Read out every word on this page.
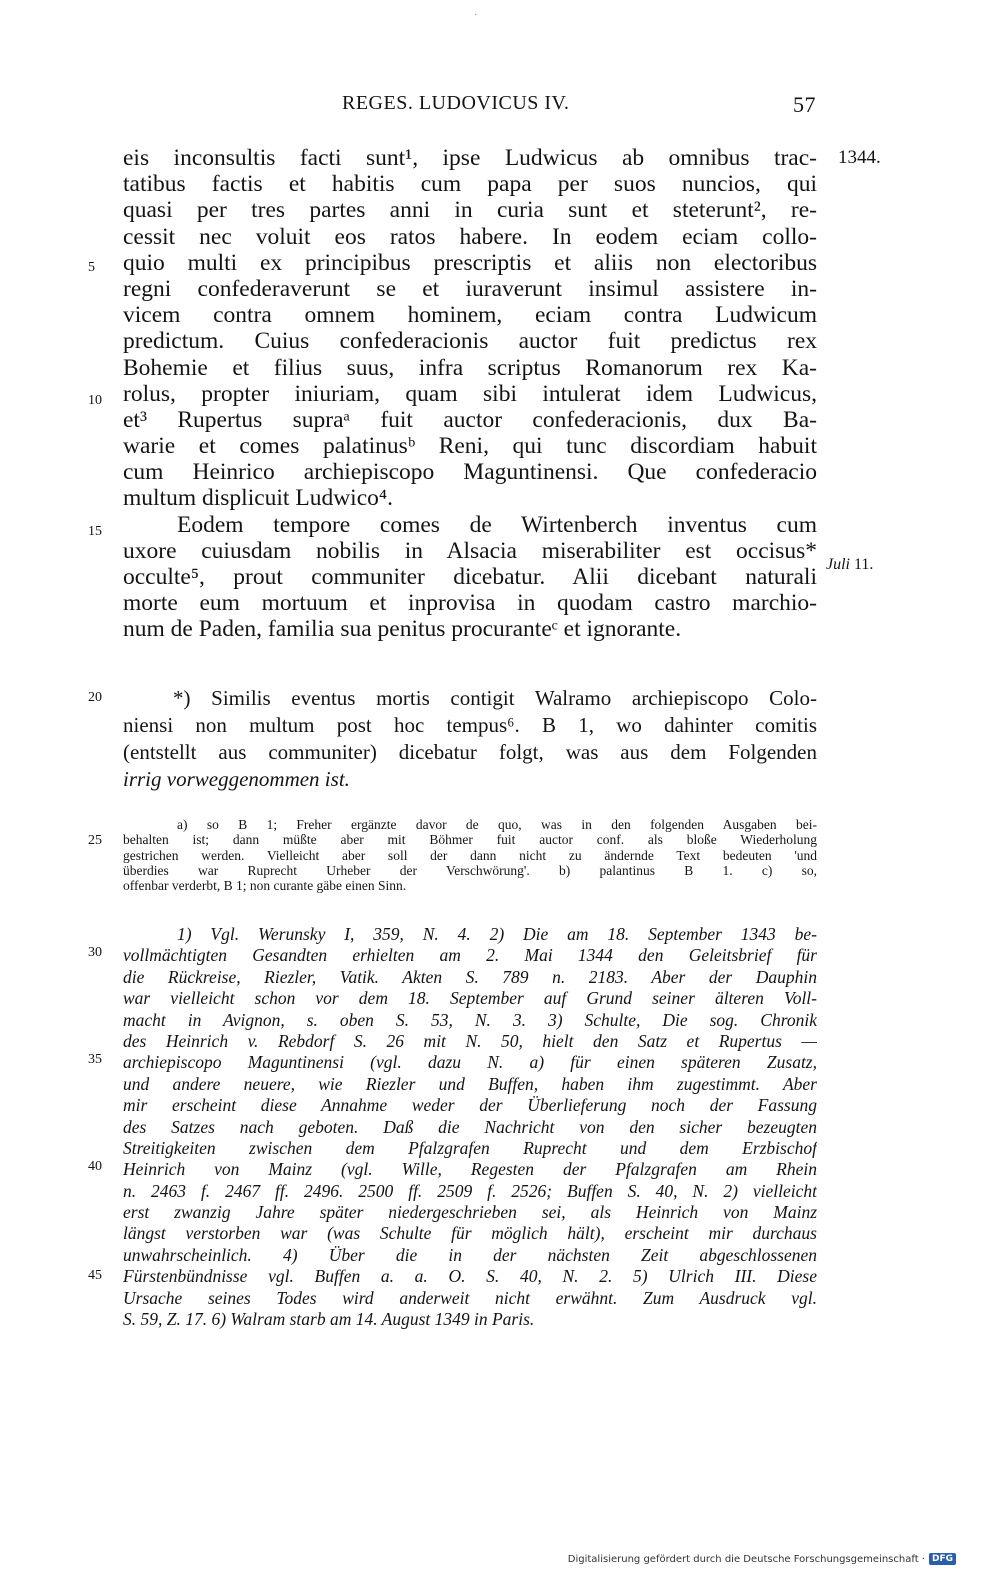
·
REGES. LUDOVICUS IV.	57
1344.
Juli 11.
5
10
15
20
25
30
35
40
45
eis inconsultis facti sunt¹, ipse Ludwicus ab omnibus trac-
tatibus factis et habitis cum papa per suos nuncios, qui
quasi per tres partes anni in curia sunt et steterunt², re-
cessit nec voluit eos ratos habere. In eodem eciam collo-
quio multi ex principibus prescriptis et aliis non electoribus
regni confederaverunt se et iuraverunt insimul assistere in-
vicem contra omnem hominem, eciam contra Ludwicum
predictum. Cuius confederacionis auctor fuit predictus rex
Bohemie et filius suus, infra scriptus Romanorum rex Ka-
rolus, propter iniuriam, quam sibi intulerat idem Ludwicus,
et³ Rupertus supraᵃ fuit auctor confederacionis, dux Ba-
warie et comes palatinusᵇ Reni, qui tunc discordiam habuit
cum Heinrico archiepiscopo Maguntinensi. Que confederacio
multum displicuit Ludwico⁴.
Eodem tempore comes de Wirtenberch inventus cum
uxore cuiusdam nobilis in Alsacia miserabiliter est occisus*
occulte⁵, prout communiter dicebatur. Alii dicebant naturali
morte eum mortuum et inprovisa in quodam castro marchio-
num de Paden, familia sua penitus procuranteᶜ et ignorante.
*) Similis eventus mortis contigit Walramo archiepiscopo Colo-
niensi non multum post hoc tempus⁶. B 1, wo dahinter comitis
(entstellt aus communiter) dicebatur folgt, was aus dem Folgenden
irrig vorweggenommen ist.
a) so B 1; Freher ergänzte davor de quo, was in den folgenden Ausgaben bei-
behalten ist; dann müßte aber mit Böhmer fuit auctor conf. als bloße Wiederholung
gestrichen werden. Vielleicht aber soll der dann nicht zu ändernde Text bedeuten 'und
überdies war Ruprecht Urheber der Verschwörung'. b) palantinus B 1. c) so,
offenbar verderbt, B 1; non curante gäbe einen Sinn.
1) Vgl. Werunsky I, 359, N. 4. 2) Die am 18. September 1343 be-
vollmächtigten Gesandten erhielten am 2. Mai 1344 den Geleitsbrief für
die Rückreise, Riezler, Vatik. Akten S. 789 n. 2183. Aber der Dauphin
war vielleicht schon vor dem 18. September auf Grund seiner älteren Voll-
macht in Avignon, s. oben S. 53, N. 3. 3) Schulte, Die sog. Chronik
des Heinrich v. Rebdorf S. 26 mit N. 50, hielt den Satz et Rupertus —
archiepiscopo Maguntinensi (vgl. dazu N. a) für einen späteren Zusatz,
und andere neuere, wie Riezler und Buffen, haben ihm zugestimmt. Aber
mir erscheint diese Annahme weder der Überlieferung noch der Fassung
des Satzes nach geboten. Daß die Nachricht von den sicher bezeugten
Streitigkeiten zwischen dem Pfalzgrafen Ruprecht und dem Erzbischof
Heinrich von Mainz (vgl. Wille, Regesten der Pfalzgrafen am Rhein
n. 2463 f. 2467 ff. 2496. 2500 ff. 2509 f. 2526; Buffen S. 40, N. 2) vielleicht
erst zwanzig Jahre später niedergeschrieben sei, als Heinrich von Mainz
längst verstorben war (was Schulte für möglich hält), erscheint mir durchaus
unwahrscheinlich. 4) Über die in der nächsten Zeit abgeschlossenen
Fürstenbündnisse vgl. Buffen a. a. O. S. 40, N. 2. 5) Ulrich III. Diese
Ursache seines Todes wird anderweit nicht erwähnt. Zum Ausdruck vgl.
S. 59, Z. 17. 6) Walram starb am 14. August 1349 in Paris.
Digitalisierung gefördert durch die Deutsche Forschungsgemeinschaft · DFG
